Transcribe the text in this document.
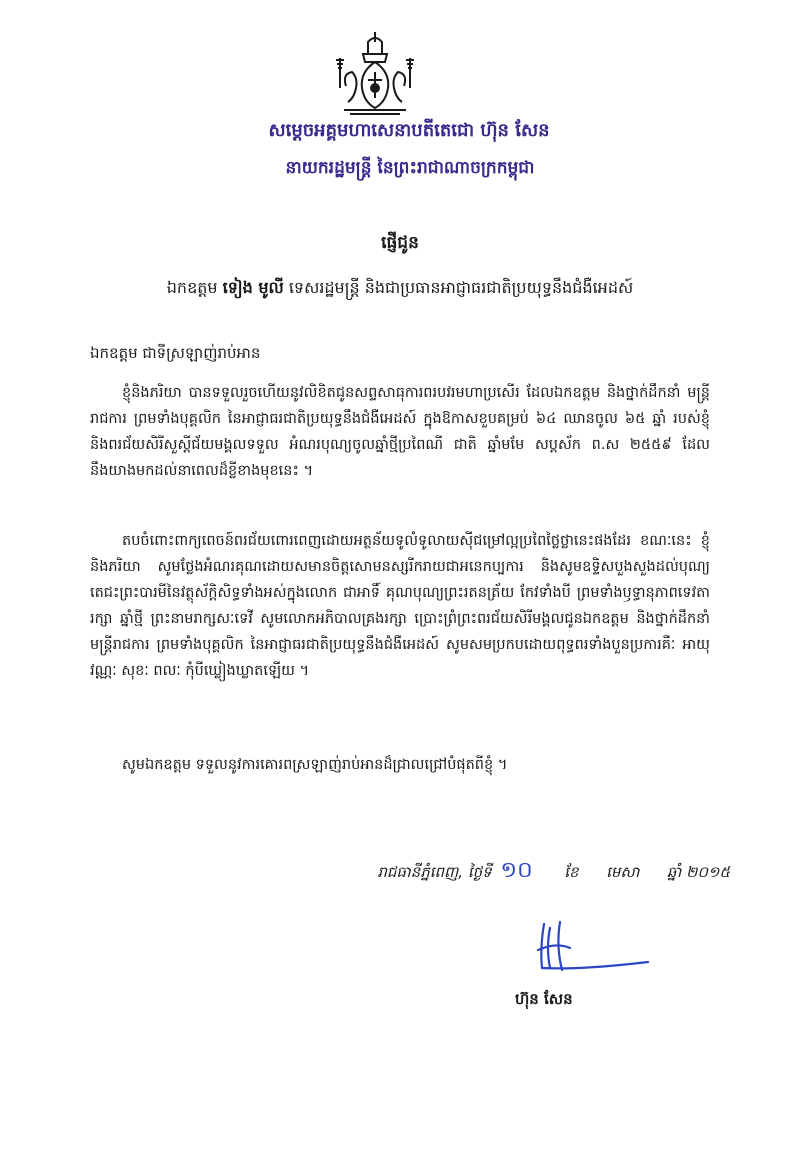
សម្តេចអគ្គមហាសេនាបតីតេជោ ហ៊ុន សែន
នាយករដ្ឋមន្ត្រី នៃព្រះរាជាណាចក្រកម្ពុជា
ផ្ញើជូន
ឯកឧត្តម ទៀង មូលី ទេសរដ្ឋមន្ត្រី និងជាប្រធានអាជ្ញាធរជាតិប្រយុទ្ធនឹងជំងឺអេដស៍
ឯកឧត្តម ជាទីស្រឡាញ់រាប់អាន
ខ្ញុំនិងភរិយា បានទទួលរួចហើយនូវលិខិតជូនសព្ទសាធុការពរបវរមហាប្រសើរ ដែលឯកឧត្តម និងថ្នាក់ដឹកនាំ មន្ត្រីរាជការ ព្រមទាំងបុគ្គលិក នៃអាជ្ញាធរជាតិប្រយុទ្ធនឹងជំងឺអេដស៍ ក្នុងឱកាសខួបគម្រប់ ៦៤ ឈានចូល ៦៥ ឆ្នាំ របស់ខ្ញុំ និងពរជ័យសិរីសួស្តីជ័យមង្គលទទួល អំណរបុណ្យចូលឆ្នាំថ្មីប្រពៃណី ជាតិ ឆ្នាំមមែ សប្តស័ក ព.ស ២៥៥៩ ដែលនឹងយាងមកដល់នាពេលដ៏ខ្លីខាងមុខនេះ ។
តបចំពោះពាក្យពេចន៍ពរជ័យពោរពេញដោយអត្ថន័យទូលំទូលាយស៊ីជម្រៅល្អប្រពៃថ្លៃថ្លានេះផងដែរ ខណៈនេះ ខ្ញុំនិងភរិយា សូមថ្លែងអំណរគុណដោយសមានចិត្តសោមនស្សរីករាយជាអនេកប្បការ និងសូមឧទ្ទិសបួងសួងដល់បុណ្យតេជះព្រះបារមីនៃវត្ថុស័ក្តិសិទ្ធទាំងអស់ក្នុងលោក ជាអាទិ៍ គុណបុណ្យព្រះរតនត្រ័យ កែវទាំងបី ព្រមទាំងឫទ្ធានុភាពទេវតារក្សា ឆ្នាំថ្មី ព្រះនាមរាក្សសៈទេវី សូមលោកអភិបាលគ្រងរក្សា ប្រោះព្រំព្រះពរជ័យសិរីមង្គលជូនឯកឧត្តម និងថ្នាក់ដឹកនាំ មន្ត្រីរាជការ ព្រមទាំងបុគ្គលិក នៃអាជ្ញាធរជាតិប្រយុទ្ធនឹងជំងឺអេដស៍ សូមសមប្រកបដោយពុទ្ធពរទាំងបួនប្រការគឺៈ អាយុ វណ្ណៈ សុខៈ ពលៈ កុំបីឃ្លៀងឃ្លាតឡើយ ។
សូមឯកឧត្តម ទទួលនូវការគោរពស្រឡាញ់រាប់អានដ៏ជ្រាលជ្រៅបំផុតពីខ្ញុំ ។
រាជធានីភ្នំពេញ, ថ្ងៃទី ១០ ខែ មេសា ឆ្នាំ ២០១៥
ហ៊ុន សែន
